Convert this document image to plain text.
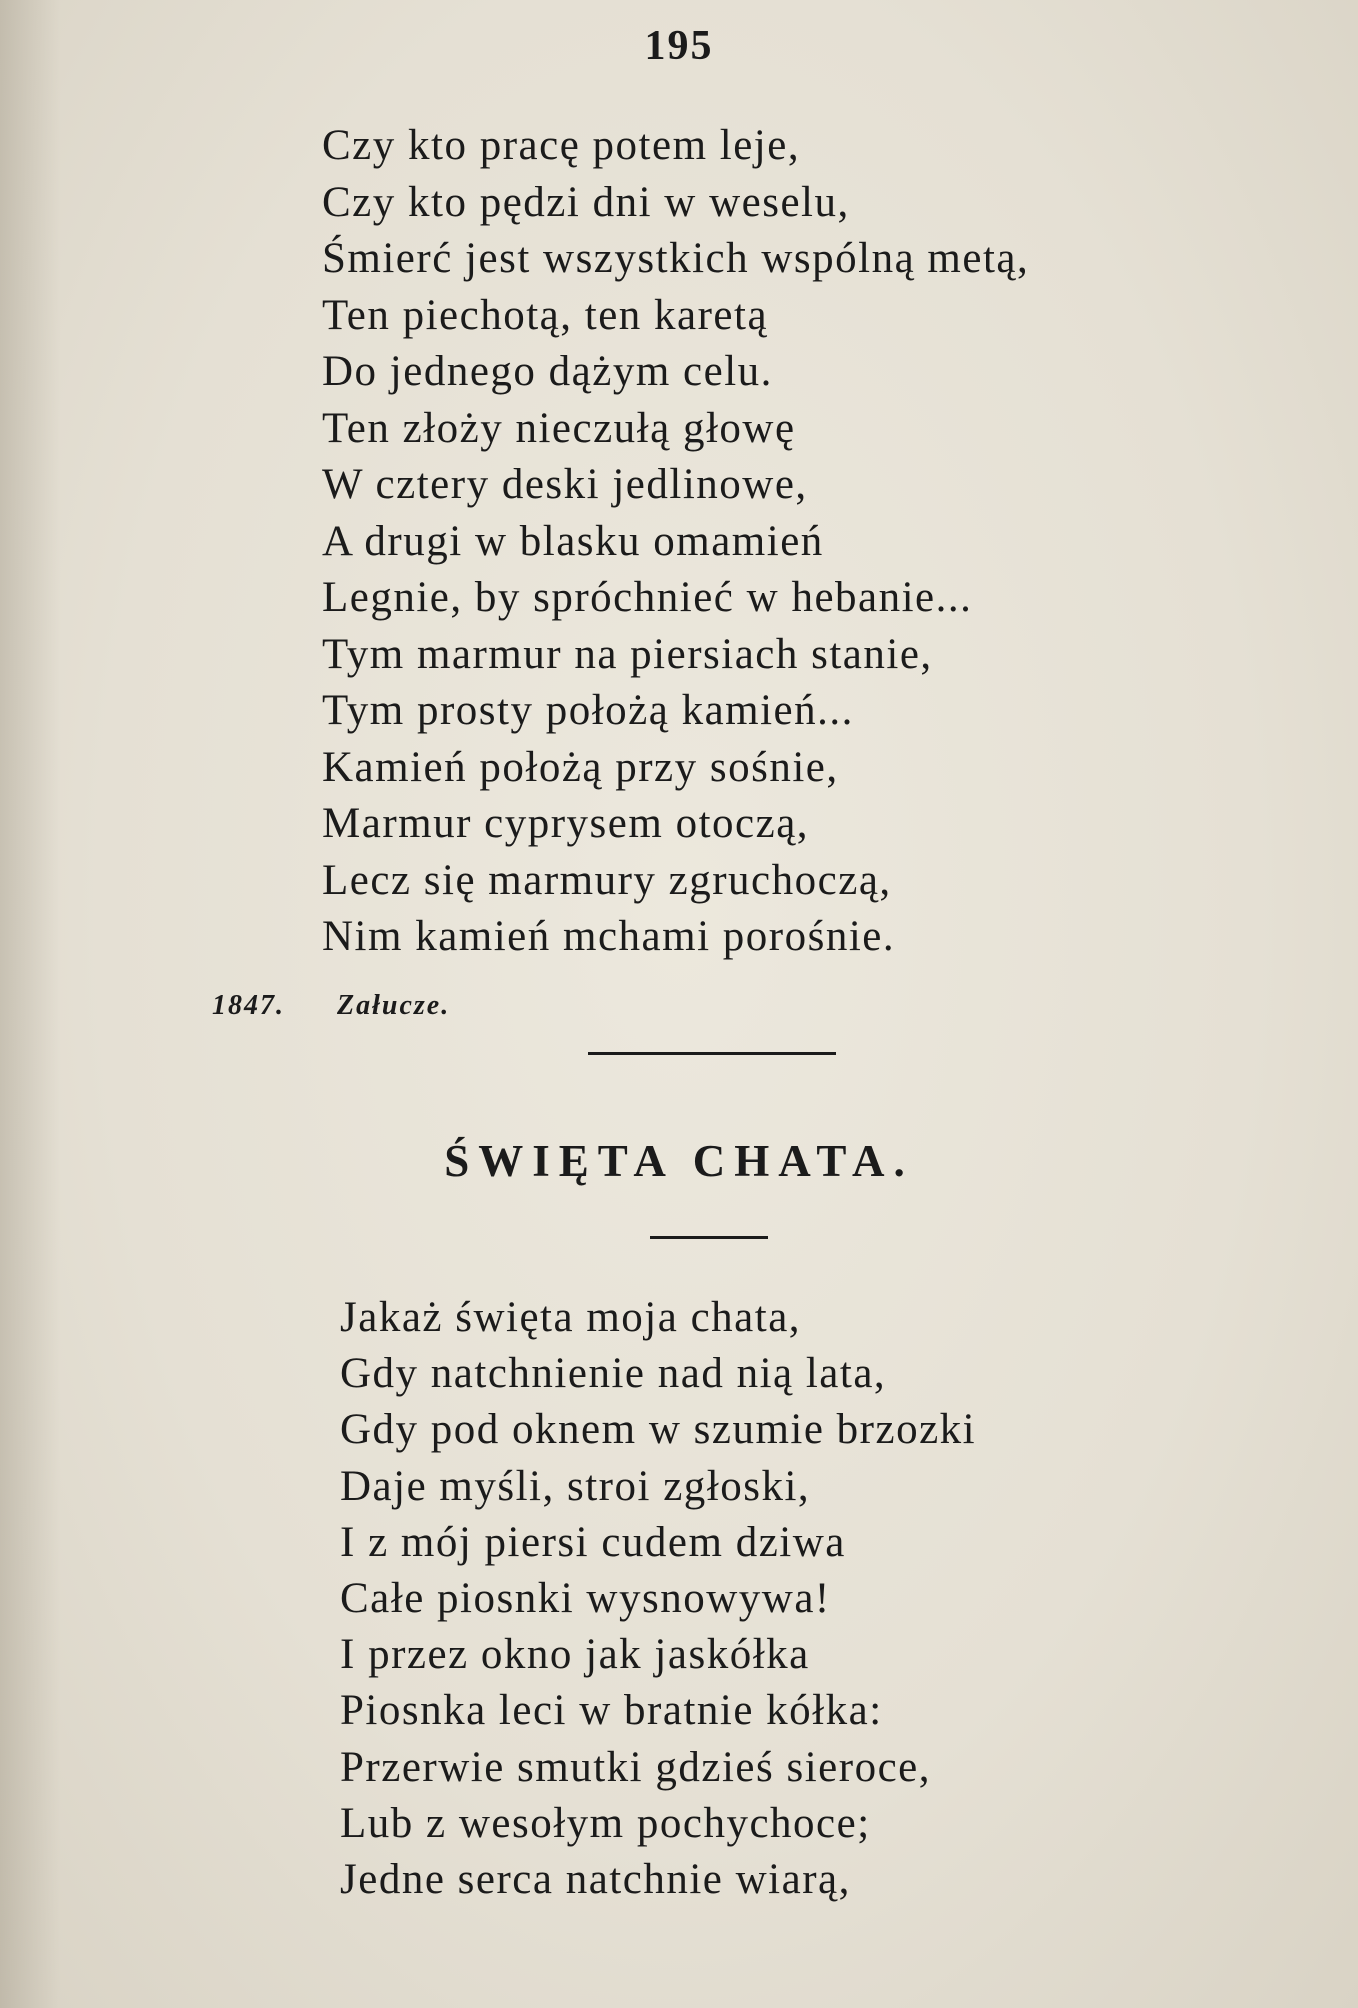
195
Czy kto pracę potem leje,
Czy kto pędzi dni w weselu,
Śmierć jest wszystkich wspólną metą,
Ten piechotą, ten karetą
Do jednego dążym celu.
Ten złoży nieczułą głowę
W cztery deski jedlinowe,
A drugi w blasku omamień
Legnie, by spróchnieć w hebanie...
Tym marmur na piersiach stanie,
Tym prosty położą kamień...
Kamień położą przy sośnie,
Marmur cyprysem otoczą,
Lecz się marmury zgruchoczą,
Nim kamień mchami porośnie.
1847. Załucze.
ŚWIĘTA CHATA.
Jakaż święta moja chata,
Gdy natchnienie nad nią lata,
Gdy pod oknem w szumie brzozki
Daje myśli, stroi zgłoski,
I z mój piersi cudem dziwa
Całe piosnki wysnowywa!
I przez okno jak jaskółka
Piosnka leci w bratnie kółka:
Przerwie smutki gdzieś sieroce,
Lub z wesołym pochychoce;
Jedne serca natchnie wiarą,
